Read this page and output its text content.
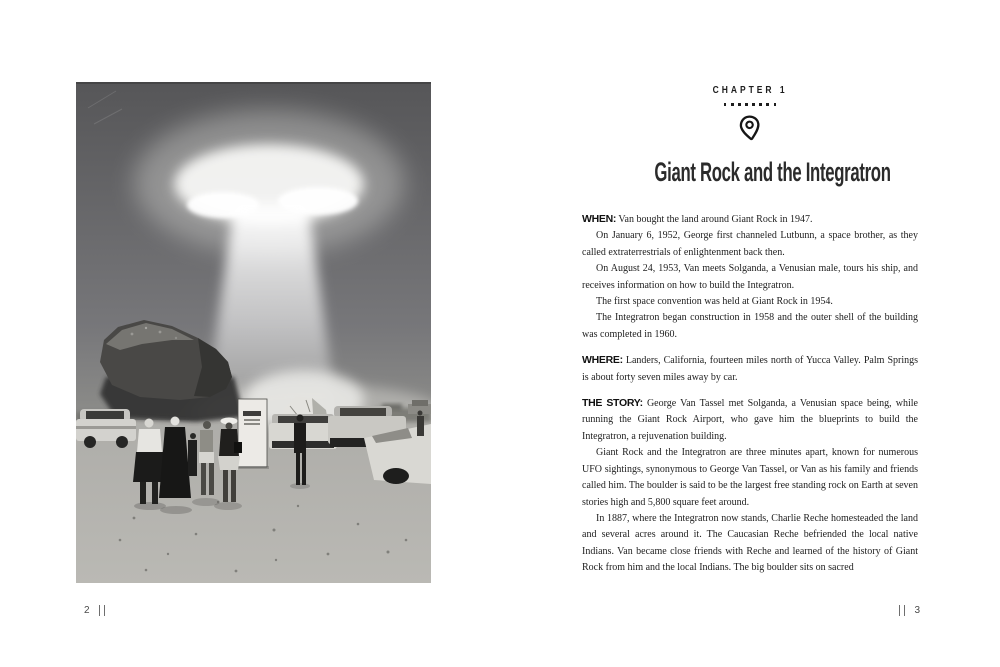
CHAPTER 1
Giant Rock and the Integratron

WHEN: Van bought the land around Giant Rock in 1947.

On January 6, 1952, George first channeled Lutbunn, a space brother, as they called extraterrestrials of enlightenment back then.

On August 24, 1953, Van meets Solganda, a Venusian male, tours his ship, and receives information on how to build the Integratron.

The first space convention was held at Giant Rock in 1954.

The Integratron began construction in 1958 and the outer shell of the building was completed in 1960.

WHERE: Landers, California, fourteen miles north of Yucca Valley. Palm Springs is about forty seven miles away by car.

THE STORY: George Van Tassel met Solganda, a Venusian space being, while running the Giant Rock Airport, who gave him the blueprints to build the Integratron, a rejuvenation building.

Giant Rock and the Integratron are three minutes apart, known for numerous UFO sightings, synonymous to George Van Tassel, or Van as his family and friends called him. The boulder is said to be the largest free standing rock on Earth at seven stories high and 5,800 square feet around.

In 1887, where the Integratron now stands, Charlie Reche homesteaded the land and several acres around it. The Caucasian Reche befriended the local native Indians. Van became close friends with Reche and learned of the history of Giant Rock from him and the local Indians. The big boulder sits on sacred

2	3
